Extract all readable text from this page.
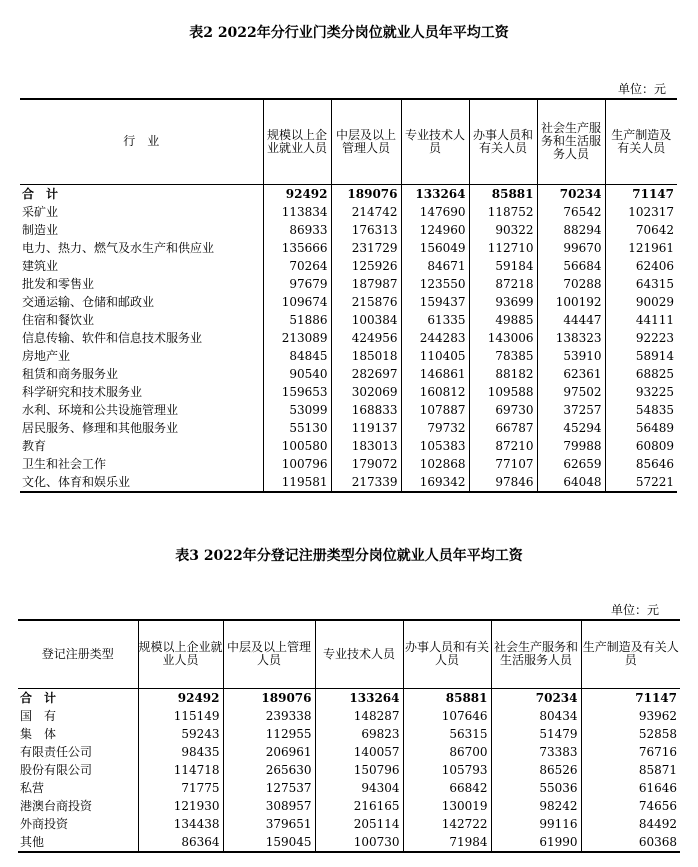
表2 2022年分行业门类分岗位就业人员年平均工资
单位：元
行　业	规模以上企业就业人员	中层及以上管理人员	专业技术人员	办事人员和有关人员	社会生产服务和生活服务人员	生产制造及有关人员
合　计	92492	189076	133264	85881	70234	71147
采矿业	113834	214742	147690	118752	76542	102317
制造业	86933	176313	124960	90322	88294	70642
电力、热力、燃气及水生产和供应业	135666	231729	156049	112710	99670	121961
建筑业	70264	125926	84671	59184	56684	62406
批发和零售业	97679	187987	123550	87218	70288	64315
交通运输、仓储和邮政业	109674	215876	159437	93699	100192	90029
住宿和餐饮业	51886	100384	61335	49885	44447	44111
信息传输、软件和信息技术服务业	213089	424956	244283	143006	138323	92223
房地产业	84845	185018	110405	78385	53910	58914
租赁和商务服务业	90540	282697	146861	88182	62361	68825
科学研究和技术服务业	159653	302069	160812	109588	97502	93225
水利、环境和公共设施管理业	53099	168833	107887	69730	37257	54835
居民服务、修理和其他服务业	55130	119137	79732	66787	45294	56489
教育	100580	183013	105383	87210	79988	60809
卫生和社会工作	100796	179072	102868	77107	62659	85646
文化、体育和娱乐业	119581	217339	169342	97846	64048	57221
表3 2022年分登记注册类型分岗位就业人员年平均工资
单位：元
登记注册类型	规模以上企业就业人员	中层及以上管理人员	专业技术人员	办事人员和有关人员	社会生产服务和生活服务人员	生产制造及有关人员
合　计	92492	189076	133264	85881	70234	71147
国　有	115149	239338	148287	107646	80434	93962
集　体	59243	112955	69823	56315	51479	52858
有限责任公司	98435	206961	140057	86700	73383	76716
股份有限公司	114718	265630	150796	105793	86526	85871
私营	71775	127537	94304	66842	55036	61646
港澳台商投资	121930	308957	216165	130019	98242	74656
外商投资	134438	379651	205114	142722	99116	84492
其他	86364	159045	100730	71984	61990	60368
